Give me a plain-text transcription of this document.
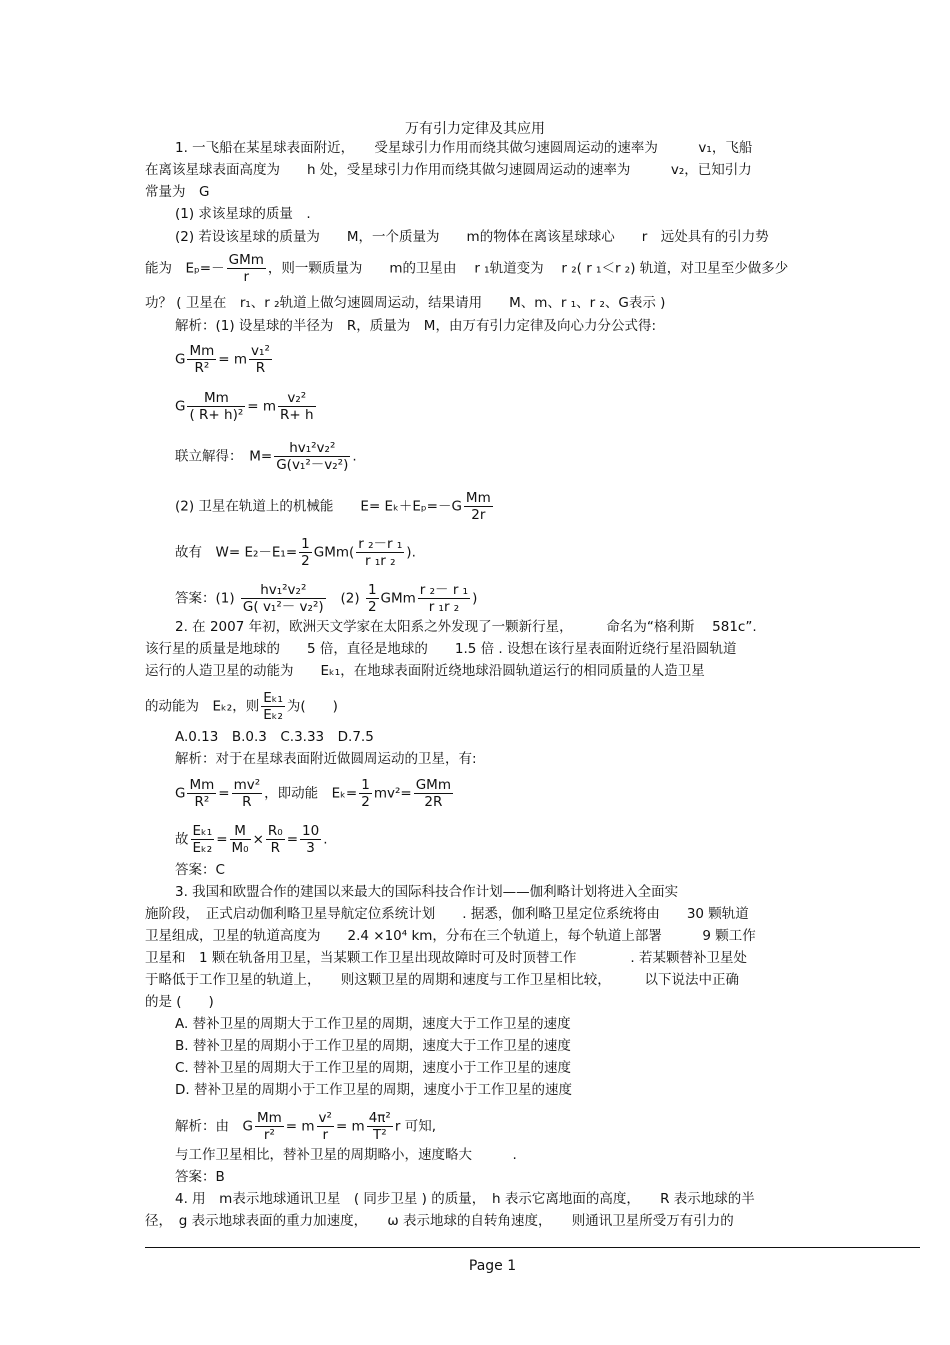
万有引力定律及其应用
1. 一飞船在某星球表面附近，　　受星球引力作用而绕其做匀速圆周运动的速率为　　　v₁，飞船
在离该星球表面高度为　　h 处，受星球引力作用而绕其做匀速圆周运动的速率为　　　v₂，已知引力
常量为　G
(1) 求该星球的质量　.
(2) 若设该星球的质量为　　M，一个质量为　　m的物体在离该星球球心　　r　远处具有的引力势
能为　$E_p=- \frac{\text{GMm}}{r}$ ，则一颗质量为　　m的卫星由　 r ₁轨道变为　 r ₂( r ₁＜r ₂) 轨道，对卫星至少做多少
功？ ( 卫星在　r₁、r ₂轨道上做匀速圆周运动，结果请用　　M、m、r ₁、r ₂、G表示 )
解析：(1) 设星球的半径为　R，质量为　M，由万有引力定律及向心力分公式得:
G $\frac{Mm}{\text{R²}} = m \frac{\text{v₁²}}{R}$
G $\frac{Mm}{\text{( R+ h)²}} = m \frac{\text{v₂²}}{R+ h}$
联立解得：　$M= \frac{\text{hv₁²v₂²}}{\text{G(v₁²－v₂²)}}$ .
(2) 卫星在轨道上的机械能　　$E= E_k+E_p=-G \frac{Mm}{2r}$
故有　$W= E_2-E_1= \frac{1}{2} GMm( \frac{\text{r ₂－r ₁}}{\text{r ₁r ₂}}$ ).
答案：$(1) \frac{\text{hv₁²v₂²}}{\text{G( v₁²－ v₂²)}} (2) \frac{1}{2}$ GMm $\frac{\text{r ₂－ r ₁}}{\text{r ₁r ₂}}$ )
2. 在 2007 年初，欧洲天文学家在太阳系之外发现了一颗新行星，　　　命名为“格利斯　 581c”.
该行星的质量是地球的　　5 倍，直径是地球的　　1.5 倍 . 设想在该行星表面附近绕行星沿圆轨道
运行的人造卫星的动能为　　Eₖ₁，在地球表面附近绕地球沿圆轨道运行的相同质量的人造卫星
的动能为　Eₖ₂，则 $\frac{\text{Eₖ₁}}{\text{Eₖ₂}}$ 为(　　)
A.0.13　B.0.3　C.3.33　D.7.5
解析：对于在星球表面附近做圆周运动的卫星，有:
G $\frac{Mm}{\text{R²}} = \frac{\text{mv²}}{R}$ ，即动能　$E_k= \frac{1}{2} mv^2= \frac{\text{GMm}}{2R}$
故 $\frac{\text{Eₖ₁}}{\text{Eₖ₂}} = \frac{M}{\text{M₀}} \times \frac{\text{R₀}}{R} = \frac{10}{3}$ .
答案：C
3. 我国和欧盟合作的建国以来最大的国际科技合作计划——伽利略计划将进入全面实
施阶段，　正式启动伽利略卫星导航定位系统计划　　. 据悉，伽利略卫星定位系统将由　　30 颗轨道
卫星组成，卫星的轨道高度为　　2.4 ×10⁴ km，分布在三个轨道上，每个轨道上部署　　　9 颗工作
卫星和　1 颗在轨备用卫星，当某颗工作卫星出现故障时可及时顶替工作　　　　. 若某颗替补卫星处
于略低于工作卫星的轨道上，　　则这颗卫星的周期和速度与工作卫星相比较，　　　以下说法中正确
的是 (　　)
A. 替补卫星的周期大于工作卫星的周期，速度大于工作卫星的速度
B. 替补卫星的周期小于工作卫星的周期，速度大于工作卫星的速度
C. 替补卫星的周期大于工作卫星的周期，速度小于工作卫星的速度
D. 替补卫星的周期小于工作卫星的周期，速度小于工作卫星的速度
解析：由　G $\frac{Mm}{\text{r²}} = m \frac{\text{v²}}{r} = m \frac{\text{4π²}}{\text{T²}}$ r 可知,
与工作卫星相比，替补卫星的周期略小，速度略大　　　.
答案：B
4. 用　m表示地球通讯卫星　( 同步卫星 ) 的质量，　h 表示它离地面的高度，　　R 表示地球的半
径，　g 表示地球表面的重力加速度，　　ω 表示地球的自转角速度，　　则通讯卫星所受万有引力的
Page 1
